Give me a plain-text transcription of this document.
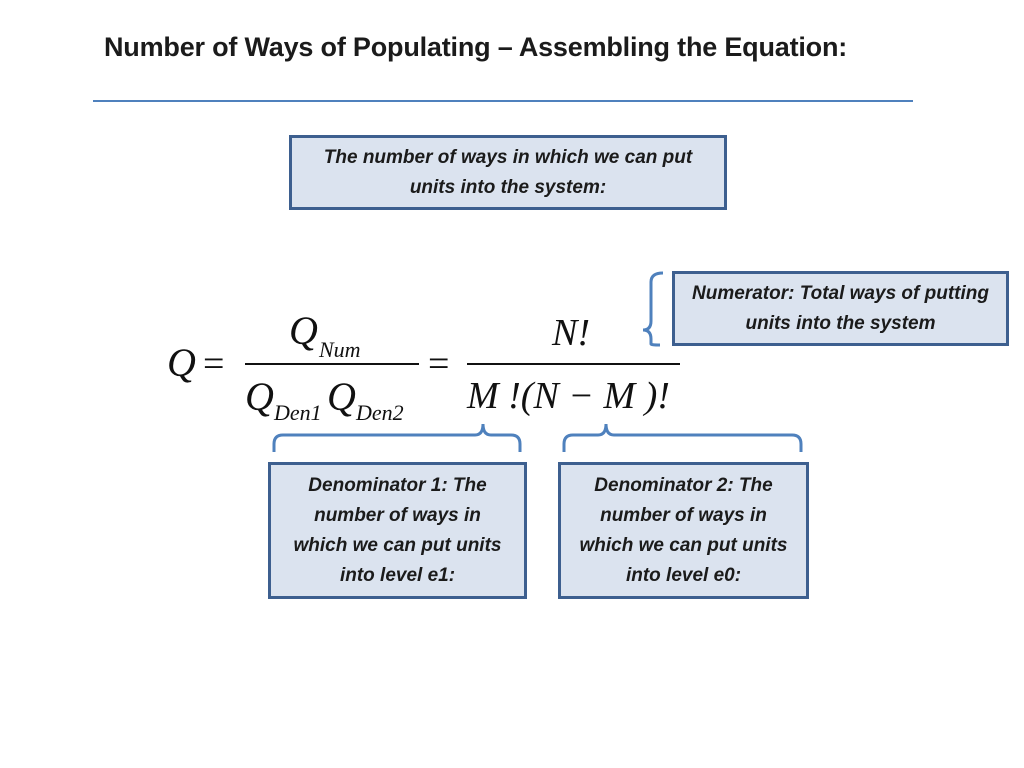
Number of Ways of Populating – Assembling the Equation:
The number of ways in which we can put units into the system:
Numerator: Total ways of putting units into the system
Denominator 1: The number of ways in which we can put units into level e1:
Denominator 2: The number of ways in which we can put units into level e0:
Q =
Q Num
Q Den1 Q Den2
=
N!
M !(N − M )!
